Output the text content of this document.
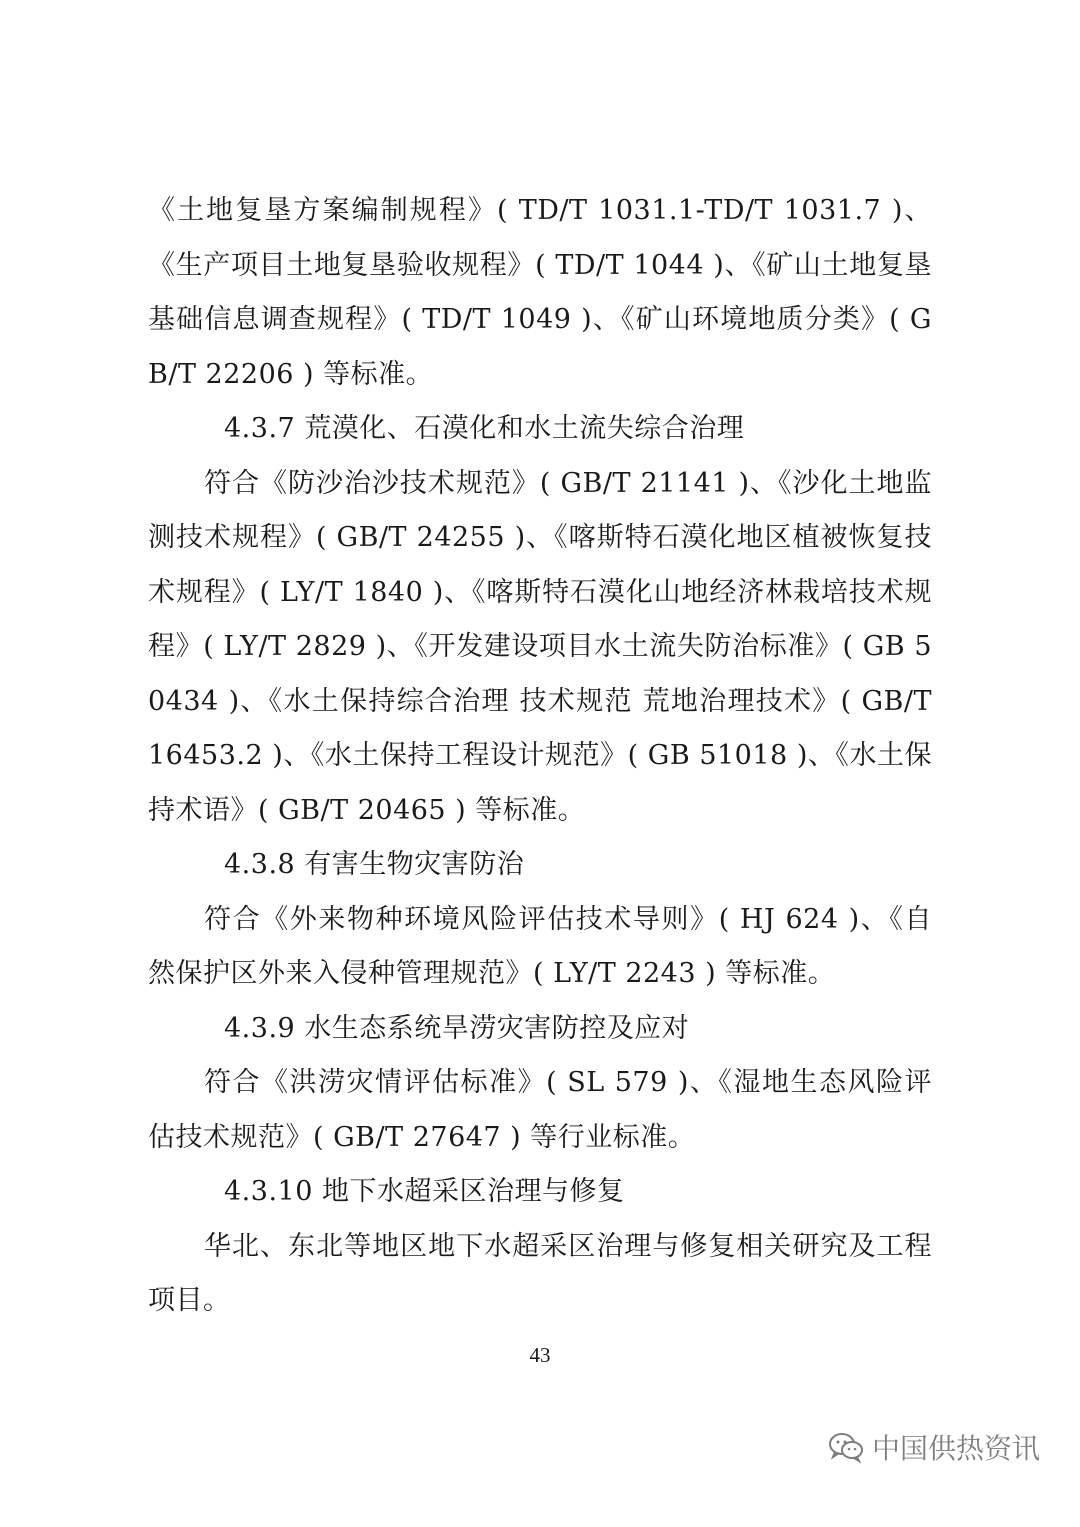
《土地复垦方案编制规程》( TD/T 1031.1-TD/T 1031.7 )、《生产项目土地复垦验收规程》( TD/T 1044 )、《矿山土地复垦基础信息调查规程》( TD/T 1049 )、《矿山环境地质分类》( GB/T 22206 ) 等标准。

4.3.7 荒漠化、石漠化和水土流失综合治理

符合《防沙治沙技术规范》( GB/T 21141 )、《沙化土地监测技术规程》( GB/T 24255 )、《喀斯特石漠化地区植被恢复技术规程》( LY/T 1840 )、《喀斯特石漠化山地经济林栽培技术规程》( LY/T 2829 )、《开发建设项目水土流失防治标准》( GB 50434 )、《水土保持综合治理 技术规范 荒地治理技术》( GB/T 16453.2 )、《水土保持工程设计规范》( GB 51018 )、《水土保持术语》( GB/T 20465 ) 等标准。

4.3.8 有害生物灾害防治

符合《外来物种环境风险评估技术导则》( HJ 624 )、《自然保护区外来入侵种管理规范》( LY/T 2243 ) 等标准。

4.3.9 水生态系统旱涝灾害防控及应对

符合《洪涝灾情评估标准》( SL 579 )、《湿地生态风险评估技术规范》( GB/T 27647 ) 等行业标准。

4.3.10 地下水超采区治理与修复

华北、东北等地区地下水超采区治理与修复相关研究及工程项目。

43
中国供热资讯
